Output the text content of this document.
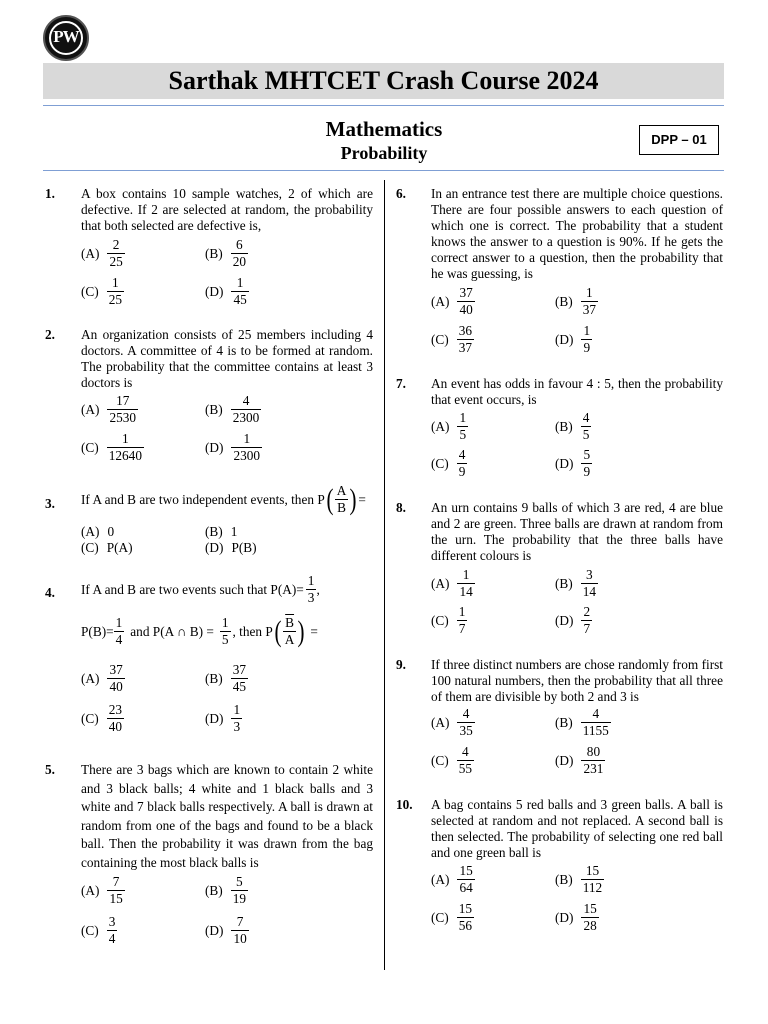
PW
Sarthak MHTCET Crash Course 2024
Mathematics
Probability
DPP – 01
1. A box contains 10 sample watches, 2 of which are defective. If 2 are selected at random, the probability that both selected are defective is,
$(A) \frac{2}{25}$	$(B) \frac{6}{20}$
$(C) \frac{1}{25}$	$(D) \frac{1}{45}$
2. An organization consists of 25 members including 4 doctors. A committee of 4 is to be formed at random. The probability that the committee contains at least 3 doctors is
$(A) \frac{17}{2530}$	$(B) \frac{4}{2300}$
$(C) \frac{1}{12640}$	$(D) \frac{1}{2300}$
3. If A and B are two independent events, then P ( $\frac{A}{B}$ ) =
(A) 0	(B) 1
(C) P(A)	(D) P(B)
4. If A and B are two events such that $P(A)= \frac{1}{3}$ ,
$P(B)= \frac{1}{4}$ and P(A ∩ $B) = \frac{1}{5}$ , then P ( $\frac{\overline{B}}{A}$ ) =
$(A) \frac{37}{40}$	$(B) \frac{37}{45}$
$(C) \frac{23}{40}$	$(D) \frac{1}{3}$
5. There are 3 bags which are known to contain 2 white and 3 black balls; 4 white and 1 black balls and 3 white and 7 black balls respectively. A ball is drawn at random from one of the bags and found to be a black ball. Then the probability it was drawn from the bag containing the most black balls is
$(A) \frac{7}{15}$	$(B) \frac{5}{19}$
$(C) \frac{3}{4}$	$(D) \frac{7}{10}$
6. In an entrance test there are multiple choice questions. There are four possible answers to each question of which one is correct. The probability that a student knows the answer to a question is 90%. If he gets the correct answer to a question, then the probability that he was guessing, is
$(A) \frac{37}{40}$	$(B) \frac{1}{37}$
$(C) \frac{36}{37}$	$(D) \frac{1}{9}$
7. An event has odds in favour 4 : 5, then the probability that event occurs, is
$(A) \frac{1}{5}$	$(B) \frac{4}{5}$
$(C) \frac{4}{9}$	$(D) \frac{5}{9}$
8. An urn contains 9 balls of which 3 are red, 4 are blue and 2 are green. Three balls are drawn at random from the urn. The probability that the three balls have different colours is
$(A) \frac{1}{14}$	$(B) \frac{3}{14}$
$(C) \frac{1}{7}$	$(D) \frac{2}{7}$
9. If three distinct numbers are chose randomly from first 100 natural numbers, then the probability that all three of them are divisible by both 2 and 3 is
$(A) \frac{4}{35}$	$(B) \frac{4}{1155}$
$(C) \frac{4}{55}$	$(D) \frac{80}{231}$
10. A bag contains 5 red balls and 3 green balls. A ball is selected at random and not replaced. A second ball is then selected. The probability of selecting one red ball and one green ball is
$(A) \frac{15}{64}$	$(B) \frac{15}{112}$
$(C) \frac{15}{56}$	$(D) \frac{15}{28}$
